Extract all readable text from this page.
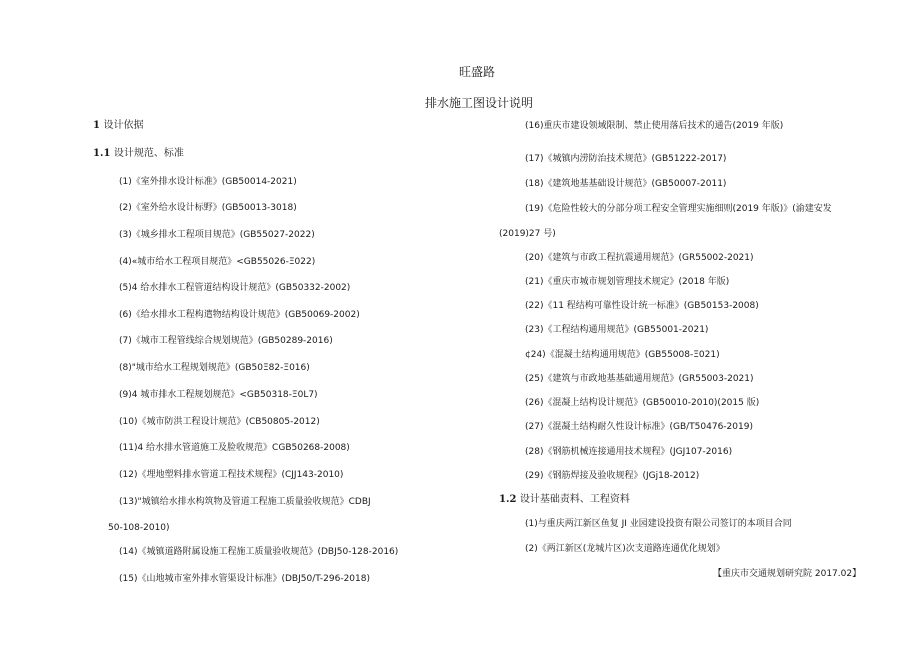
旺盛路
排水施工图设计说明
1 设计依据
1.1 设计规范、标准
(1)《室外排水设计标准》(GB50014-2021)
(2)《室外给水设计标野》(GB50013-3018)
(3)《城乡排水工程项目规范》(GB55027-2022)
(4)«城市给水工程项目规范》<GB55026-Ξ022)
(5)4 给水排水工程管道结构设计规范》(GB50332-2002)
(6)《给水排水工程构遣物结构设计规范》(GB50069-2002)
(7)《城市工程管线综合规划规范》(GB50289-2016)
(8)"城市给水工程规划规范》(GB50Ξ82-Ξ016)
(9)4 城市排水工程规划规范》<GB50318-Ξ0L7)
(10)《城市防洪工程设计规范》(CB50805-2012)
(11)4 给水排水管道施工及脸收规范》CGB50268-2008)
(12)《埋地塑料排水管道工程技术规程》(CJJ143-2010)
(13)"城镇给水排水构筑物及管道工程施工质量验收规范》CDBJ
50-108-2010)
(14)《城镇道路附属设施工程施工质量验收规范》(DBJ50-128-2016)
(15)《山地城市室外排水管渠设计标准》(DBJ50/T-296-2018)
(16)重庆市建设领域限制、禁止使用落后技术的通告(2019 年版)
(17)《城镇内涝防治技术规范》(GB51222-2017)
(18)《建筑地基基础设计规范》(GB50007-2011)
(19)《危险性较大的分部分项工程安全管理实施细则(2019 年版)》(渝建安发
(2019)27 号)
(20)《建筑与市政工程抗震通用规范》(GR55002-2021)
(21)《重庆市城市规划管理技术规定》(2018 年版)
(22)《11 程结构可靠性设计统一标准》(GB50153-2008)
(23)《工程结构通用规范》(GB55001-2021)
¢24)《混凝土结构通用规范》(GB55008-Ξ021)
(25)《建筑与市政地基基础通用规范》(GR55003-2021)
(26)《混凝上结构设计规范》(GB50010-2010)(2015 版)
(27)《混凝土结构耐久性设计标准》(GB/T50476-2019)
(28)《钢筋机械连接通用技术规程》(JGJ107-2016)
(29)《钢筋焊接及验收规程》(JGj18-2012)
1.2 设计基础责料、工程资料
(1)与重庆两江新区鱼复 JI 业园建设投资有限公司签订的本项目合同
(2)《两江新区(龙城片区)次支道路连通优化规划》
【重庆市交通规划研究院 2017.02】
